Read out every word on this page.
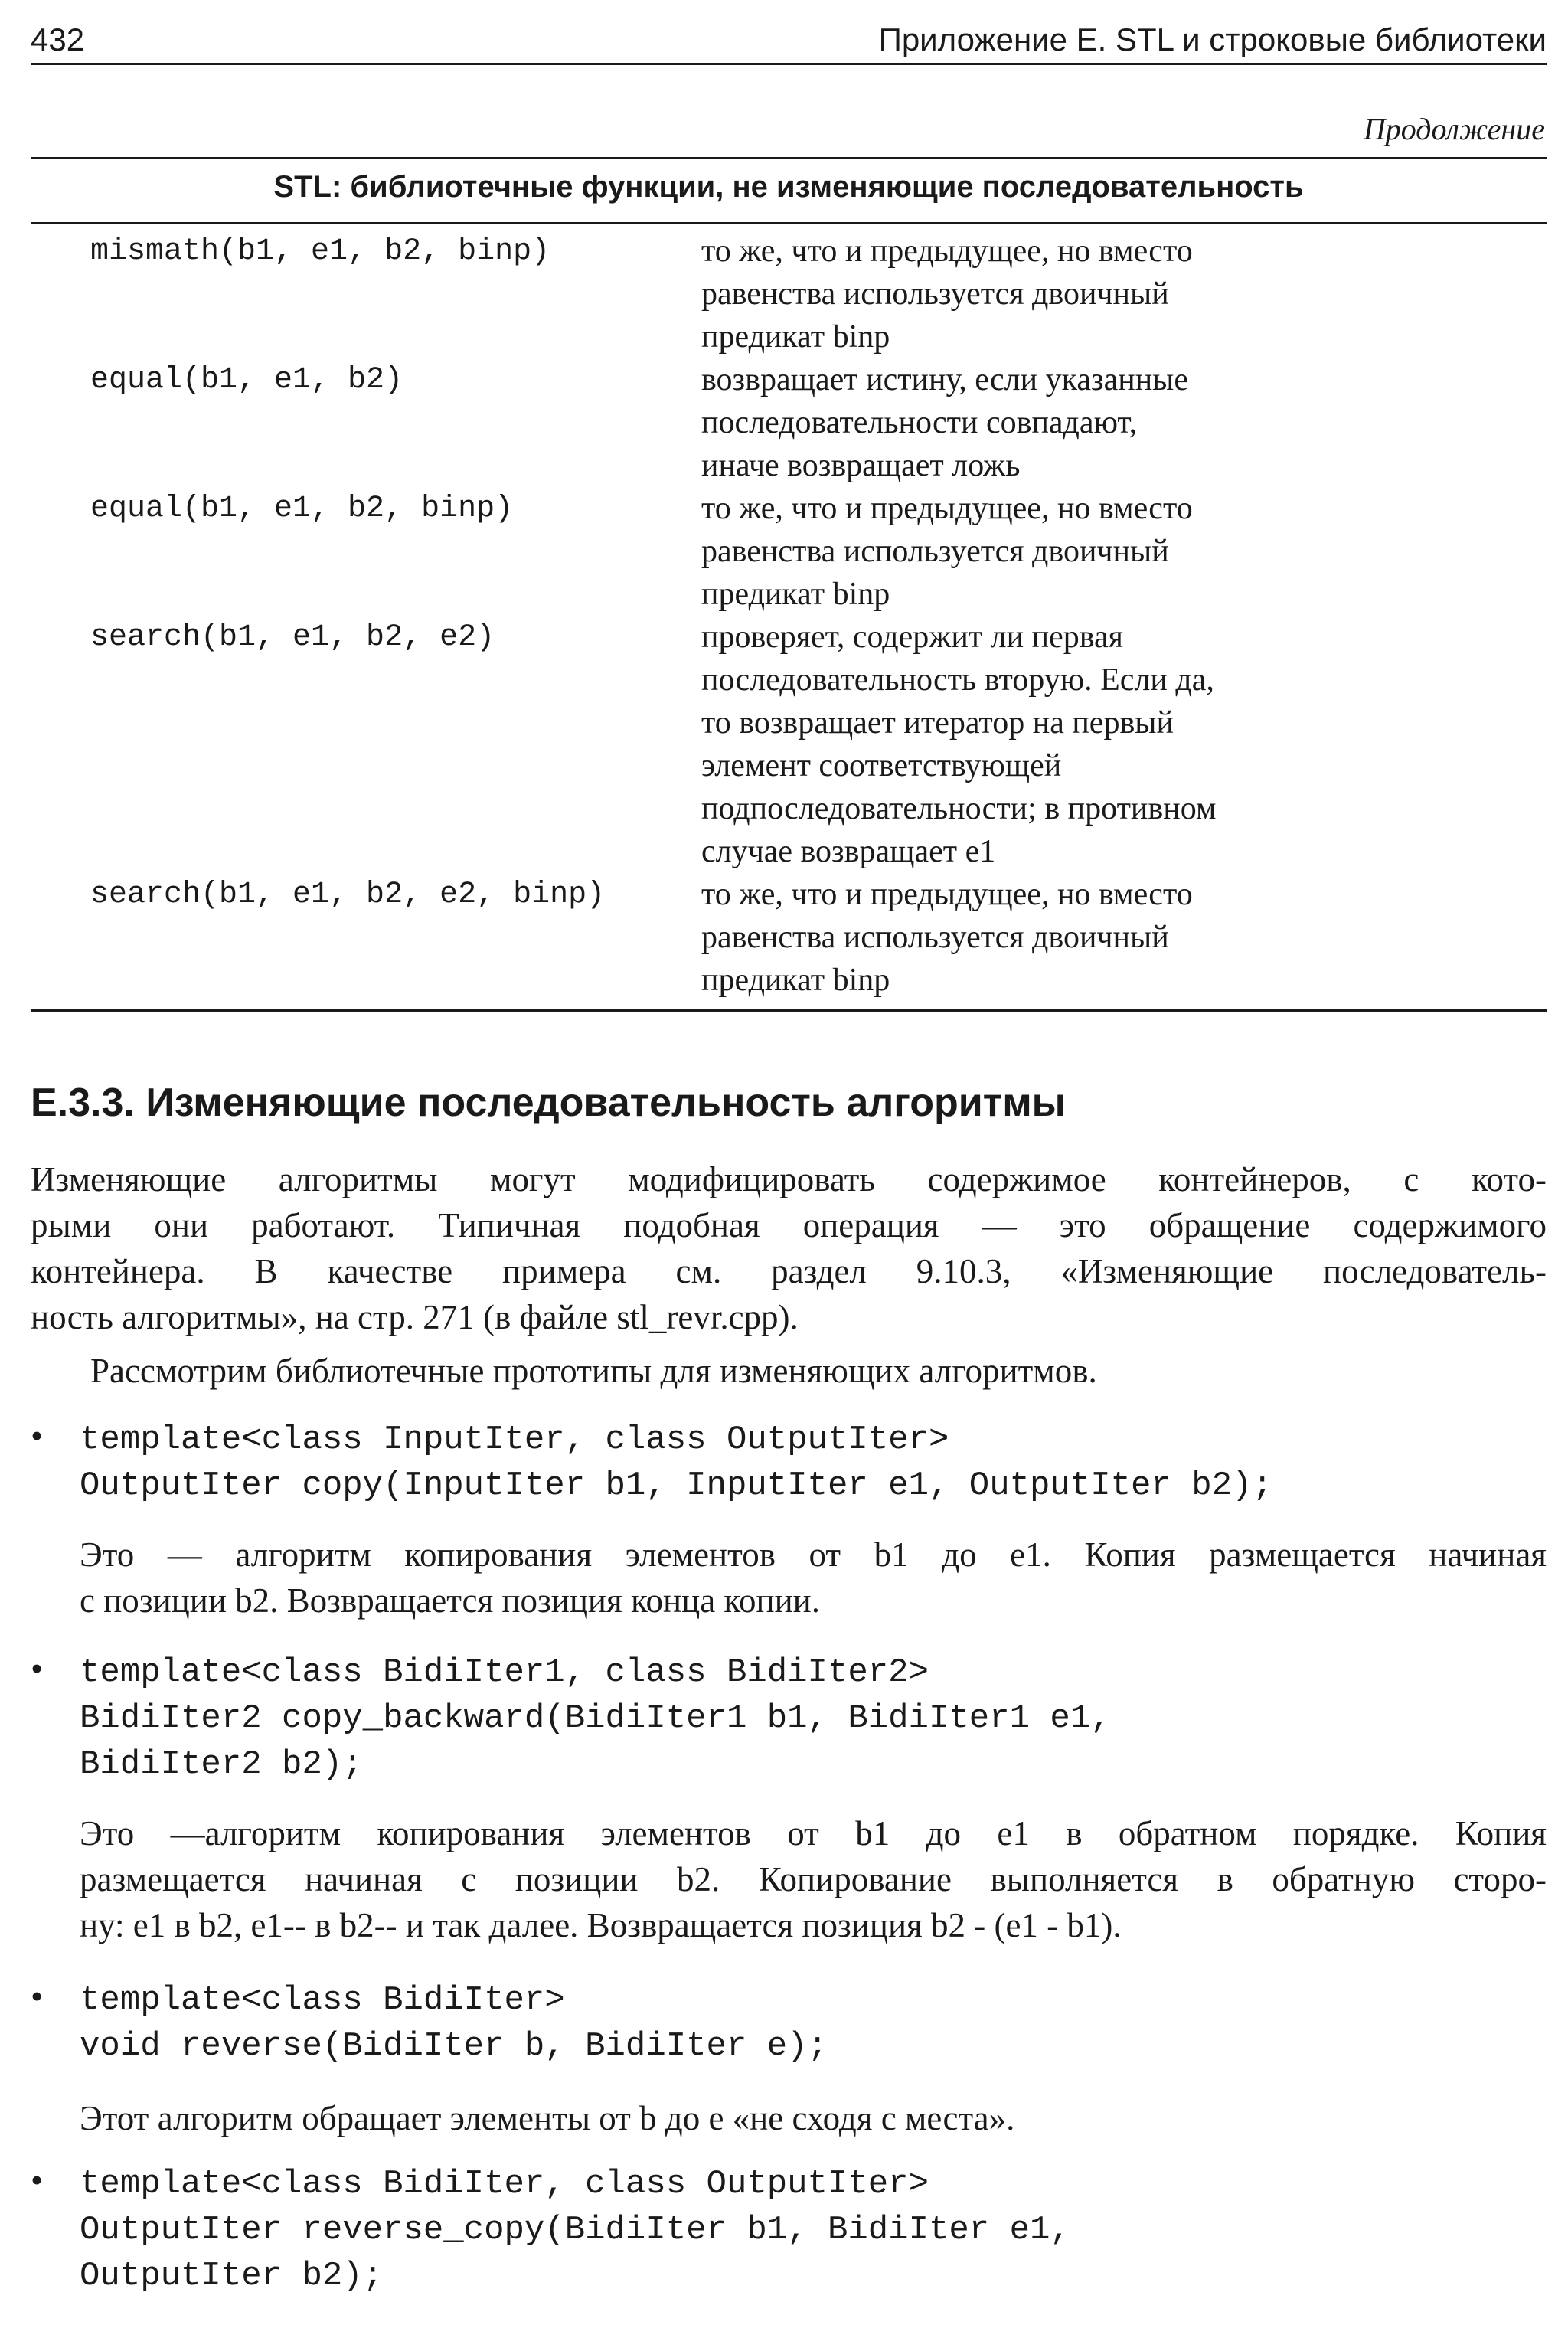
432	Приложение Е. STL и строковые библиотеки
Продолжение
STL: библиотечные функции, не изменяющие последовательность
mismath(b1, e1, b2, binp)	то же, что и предыдущее, но вместо
равенства используется двоичный
предикат binp
equal(b1, e1, b2)	возвращает истину, если указанные
поcледовательности совпадают,
иначе возвращает ложь
equal(b1, e1, b2, binp)	то же, что и предыдущее, но вместо
равенства используется двоичный
предикат binp
search(b1, e1, b2, e2)	проверяет, содержит ли первая
последовательность вторую. Если да,
то возвращает итератор на первый
элемент соответствующей
подпоследовательности; в противном
случае возвращает e1
search(b1, e1, b2, e2, binp)	то же, что и предыдущее, но вместо
равенства используется двоичный
предикат binp
Е.3.3. Изменяющие последовательность алгоритмы
Изменяющие алгоритмы могут модифицировать содержимое контейнеров, с кото-
рыми они работают. Типичная подобная операция — это обращение содержимого
контейнера. В качестве примера см. раздел 9.10.3, «Изменяющие последователь-
ность алгоритмы», на стр. 271 (в файле stl_revr.cpp).
Рассмотрим библиотечные прототипы для изменяющих алгоритмов.
• template<class InputIter, class OutputIter>
OutputIter copy(InputIter b1, InputIter e1, OutputIter b2);
Это — алгоритм копирования элементов от b1 до e1. Копия размещается начиная
с позиции b2. Возвращается позиция конца копии.
• template<class BidiIter1, class BidiIter2>
BidiIter2 copy_backward(BidiIter1 b1, BidiIter1 e1,
BidiIter2 b2);
Это —алгоритм копирования элементов от b1 до e1 в обратном порядке. Копия
размещается начиная с позиции b2. Копирование выполняется в обратную сторо-
ну: e1 в b2, e1-- в b2-- и так далее. Возвращается позиция b2 - (e1 - b1).
• template<class BidiIter>
void reverse(BidiIter b, BidiIter e);
Этот алгоритм обращает элементы от b до e «не сходя с места».
• template<class BidiIter, class OutputIter>
OutputIter reverse_copy(BidiIter b1, BidiIter e1,
OutputIter b2);
